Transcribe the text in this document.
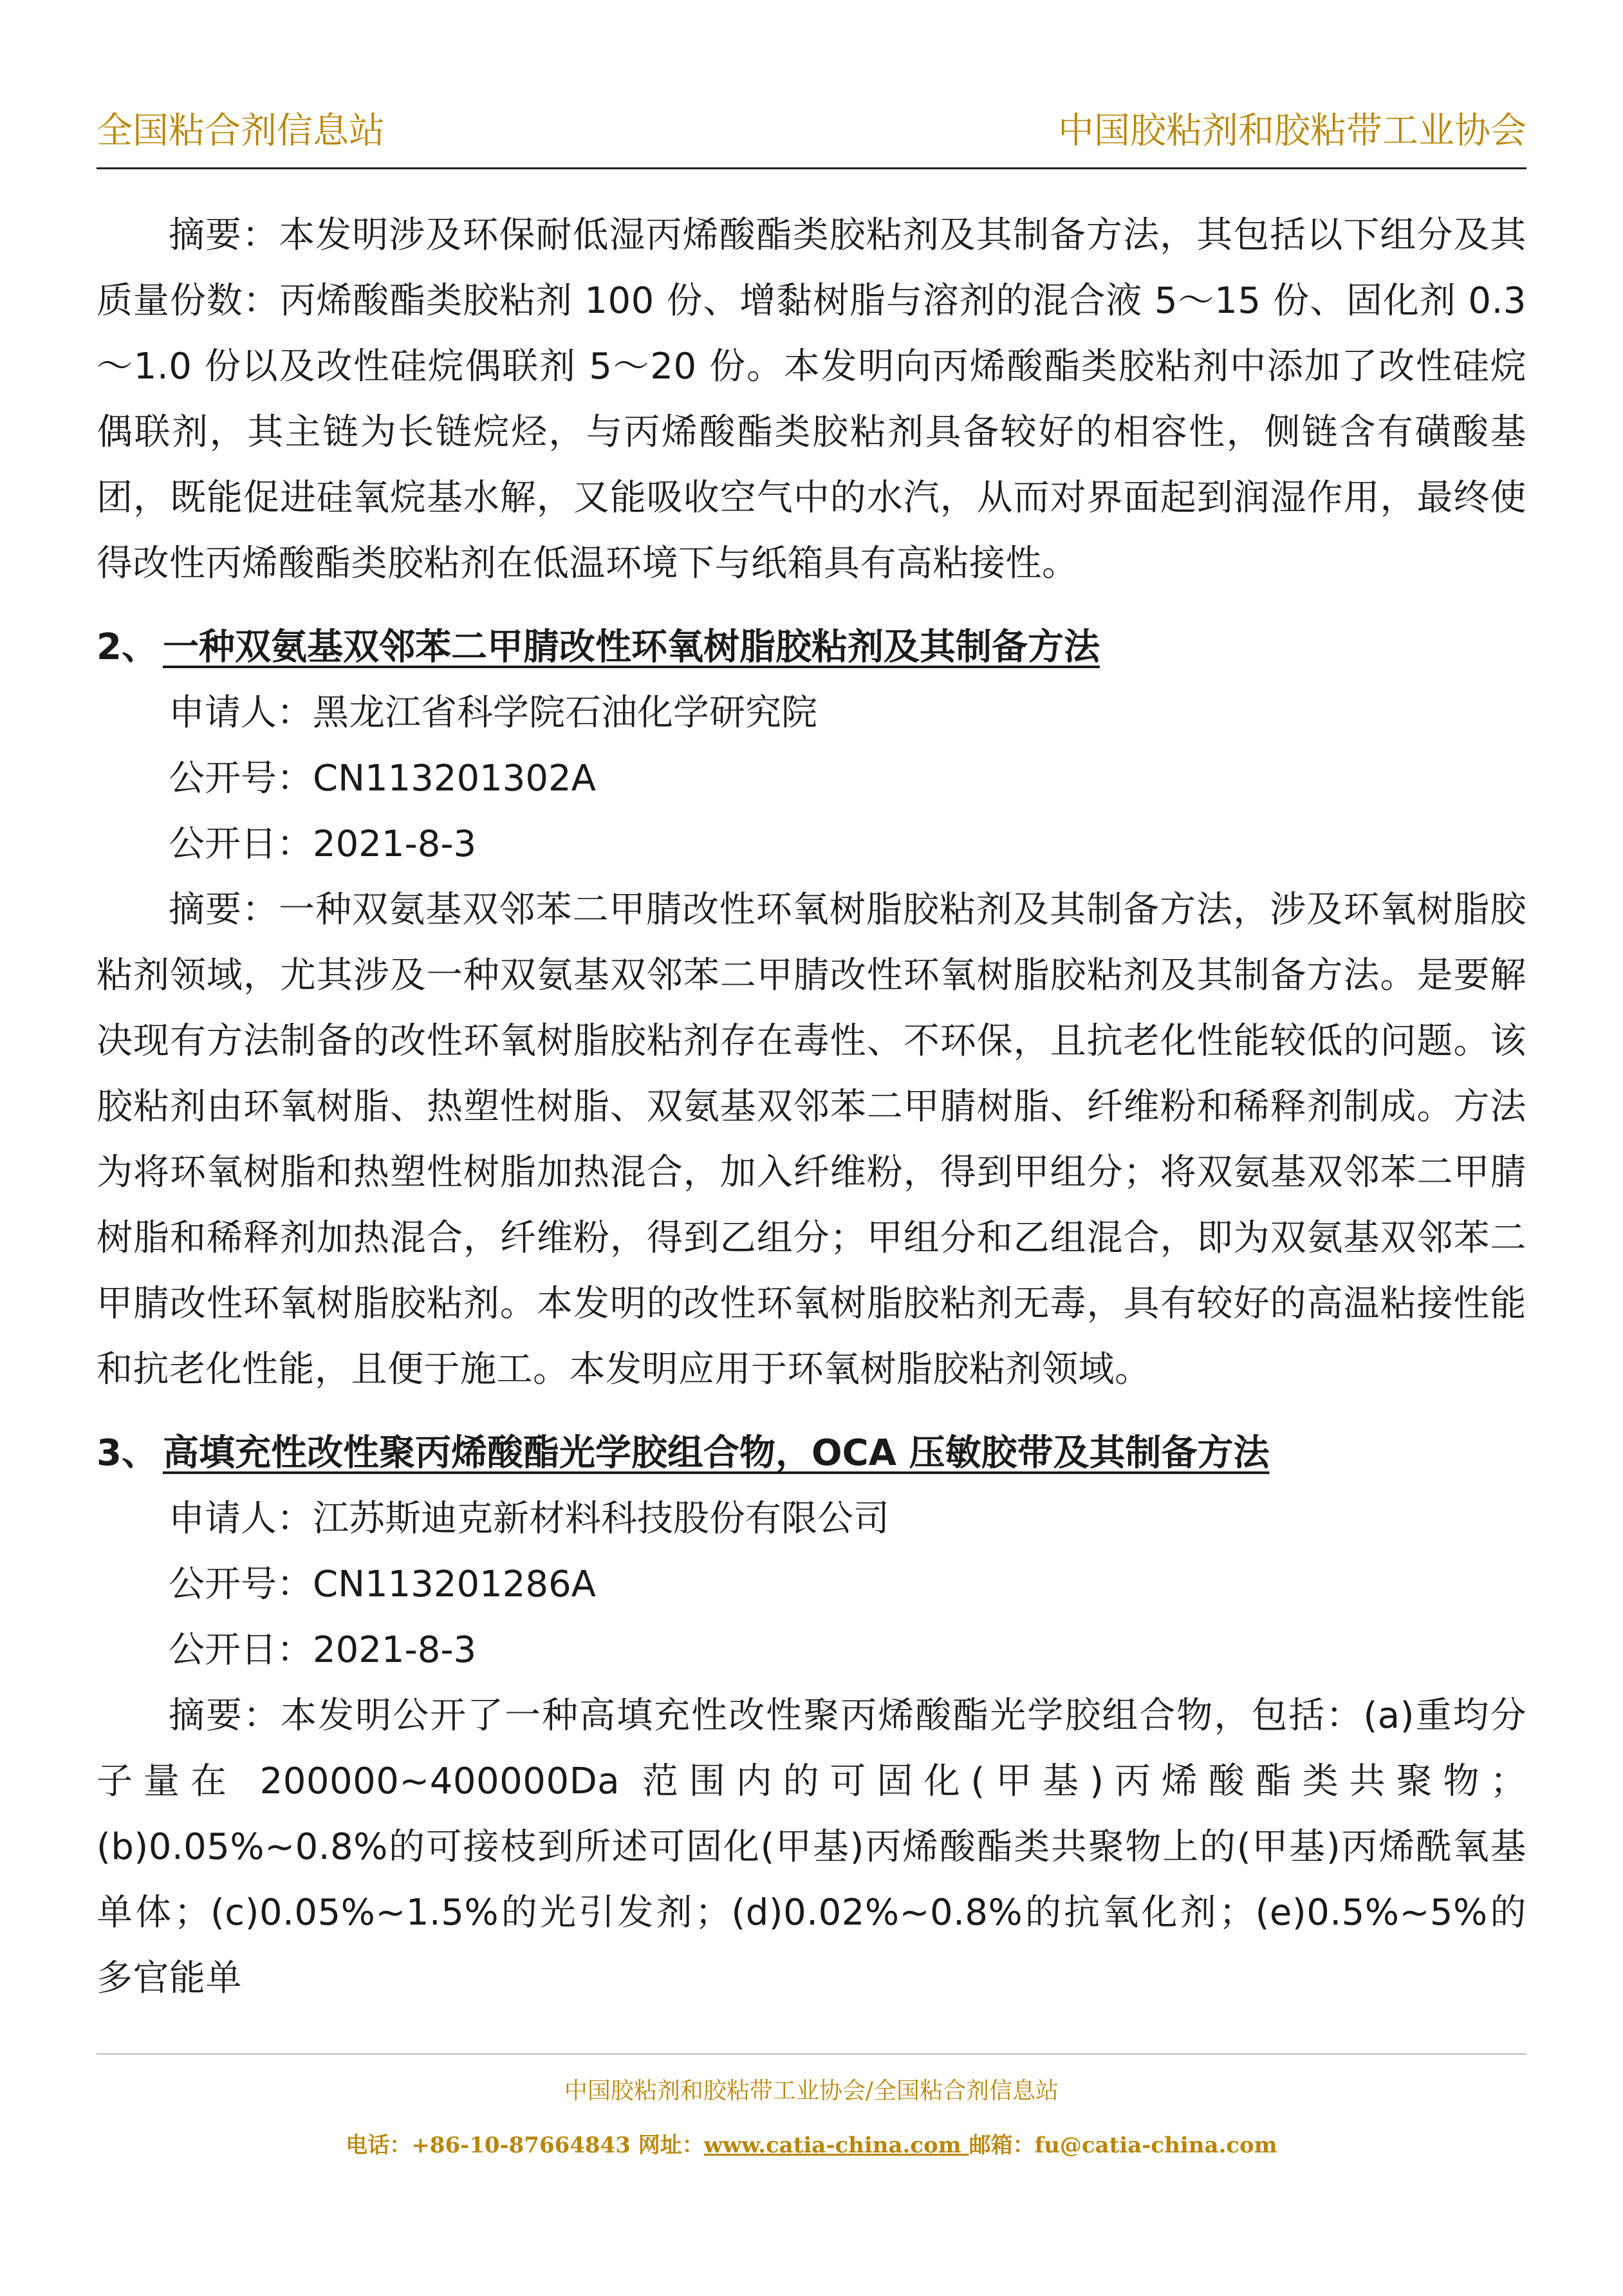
全国粘合剂信息站	中国胶粘剂和胶粘带工业协会

摘要：本发明涉及环保耐低湿丙烯酸酯类胶粘剂及其制备方法，其包括以下组分及其质量份数：丙烯酸酯类胶粘剂 100 份、增黏树脂与溶剂的混合液 5～15 份、固化剂 0.3～1.0 份以及改性硅烷偶联剂 5～20 份。本发明向丙烯酸酯类胶粘剂中添加了改性硅烷偶联剂，其主链为长链烷烃，与丙烯酸酯类胶粘剂具备较好的相容性，侧链含有磺酸基团，既能促进硅氧烷基水解，又能吸收空气中的水汽，从而对界面起到润湿作用，最终使得改性丙烯酸酯类胶粘剂在低温环境下与纸箱具有高粘接性。

2、 一种双氨基双邻苯二甲腈改性环氧树脂胶粘剂及其制备方法

申请人：黑龙江省科学院石油化学研究院

公开号：CN113201302A

公开日：2021-8-3

摘要：一种双氨基双邻苯二甲腈改性环氧树脂胶粘剂及其制备方法，涉及环氧树脂胶粘剂领域，尤其涉及一种双氨基双邻苯二甲腈改性环氧树脂胶粘剂及其制备方法。是要解决现有方法制备的改性环氧树脂胶粘剂存在毒性、不环保，且抗老化性能较低的问题。该胶粘剂由环氧树脂、热塑性树脂、双氨基双邻苯二甲腈树脂、纤维粉和稀释剂制成。方法为将环氧树脂和热塑性树脂加热混合，加入纤维粉，得到甲组分；将双氨基双邻苯二甲腈树脂和稀释剂加热混合，纤维粉，得到乙组分；甲组分和乙组混合，即为双氨基双邻苯二甲腈改性环氧树脂胶粘剂。本发明的改性环氧树脂胶粘剂无毒，具有较好的高温粘接性能和抗老化性能，且便于施工。本发明应用于环氧树脂胶粘剂领域。

3、 高填充性改性聚丙烯酸酯光学胶组合物，OCA 压敏胶带及其制备方法

申请人：江苏斯迪克新材料科技股份有限公司

公开号：CN113201286A

公开日：2021-8-3

摘要：本发明公开了一种高填充性改性聚丙烯酸酯光学胶组合物，包括：(a)重均分子量在 200000~400000Da 范围内的可固化(甲基)丙烯酸酯类共聚物；(b)0.05%~0.8%的可接枝到所述可固化(甲基)丙烯酸酯类共聚物上的(甲基)丙烯酰氧基单体；(c)0.05%~1.5%的光引发剂；(d)0.02%~0.8%的抗氧化剂；(e)0.5%~5%的多官能单

中国胶粘剂和胶粘带工业协会/全国粘合剂信息站
电话：+86-10-87664843 网址：www.catia-china.com 邮箱：fu@catia-china.com
